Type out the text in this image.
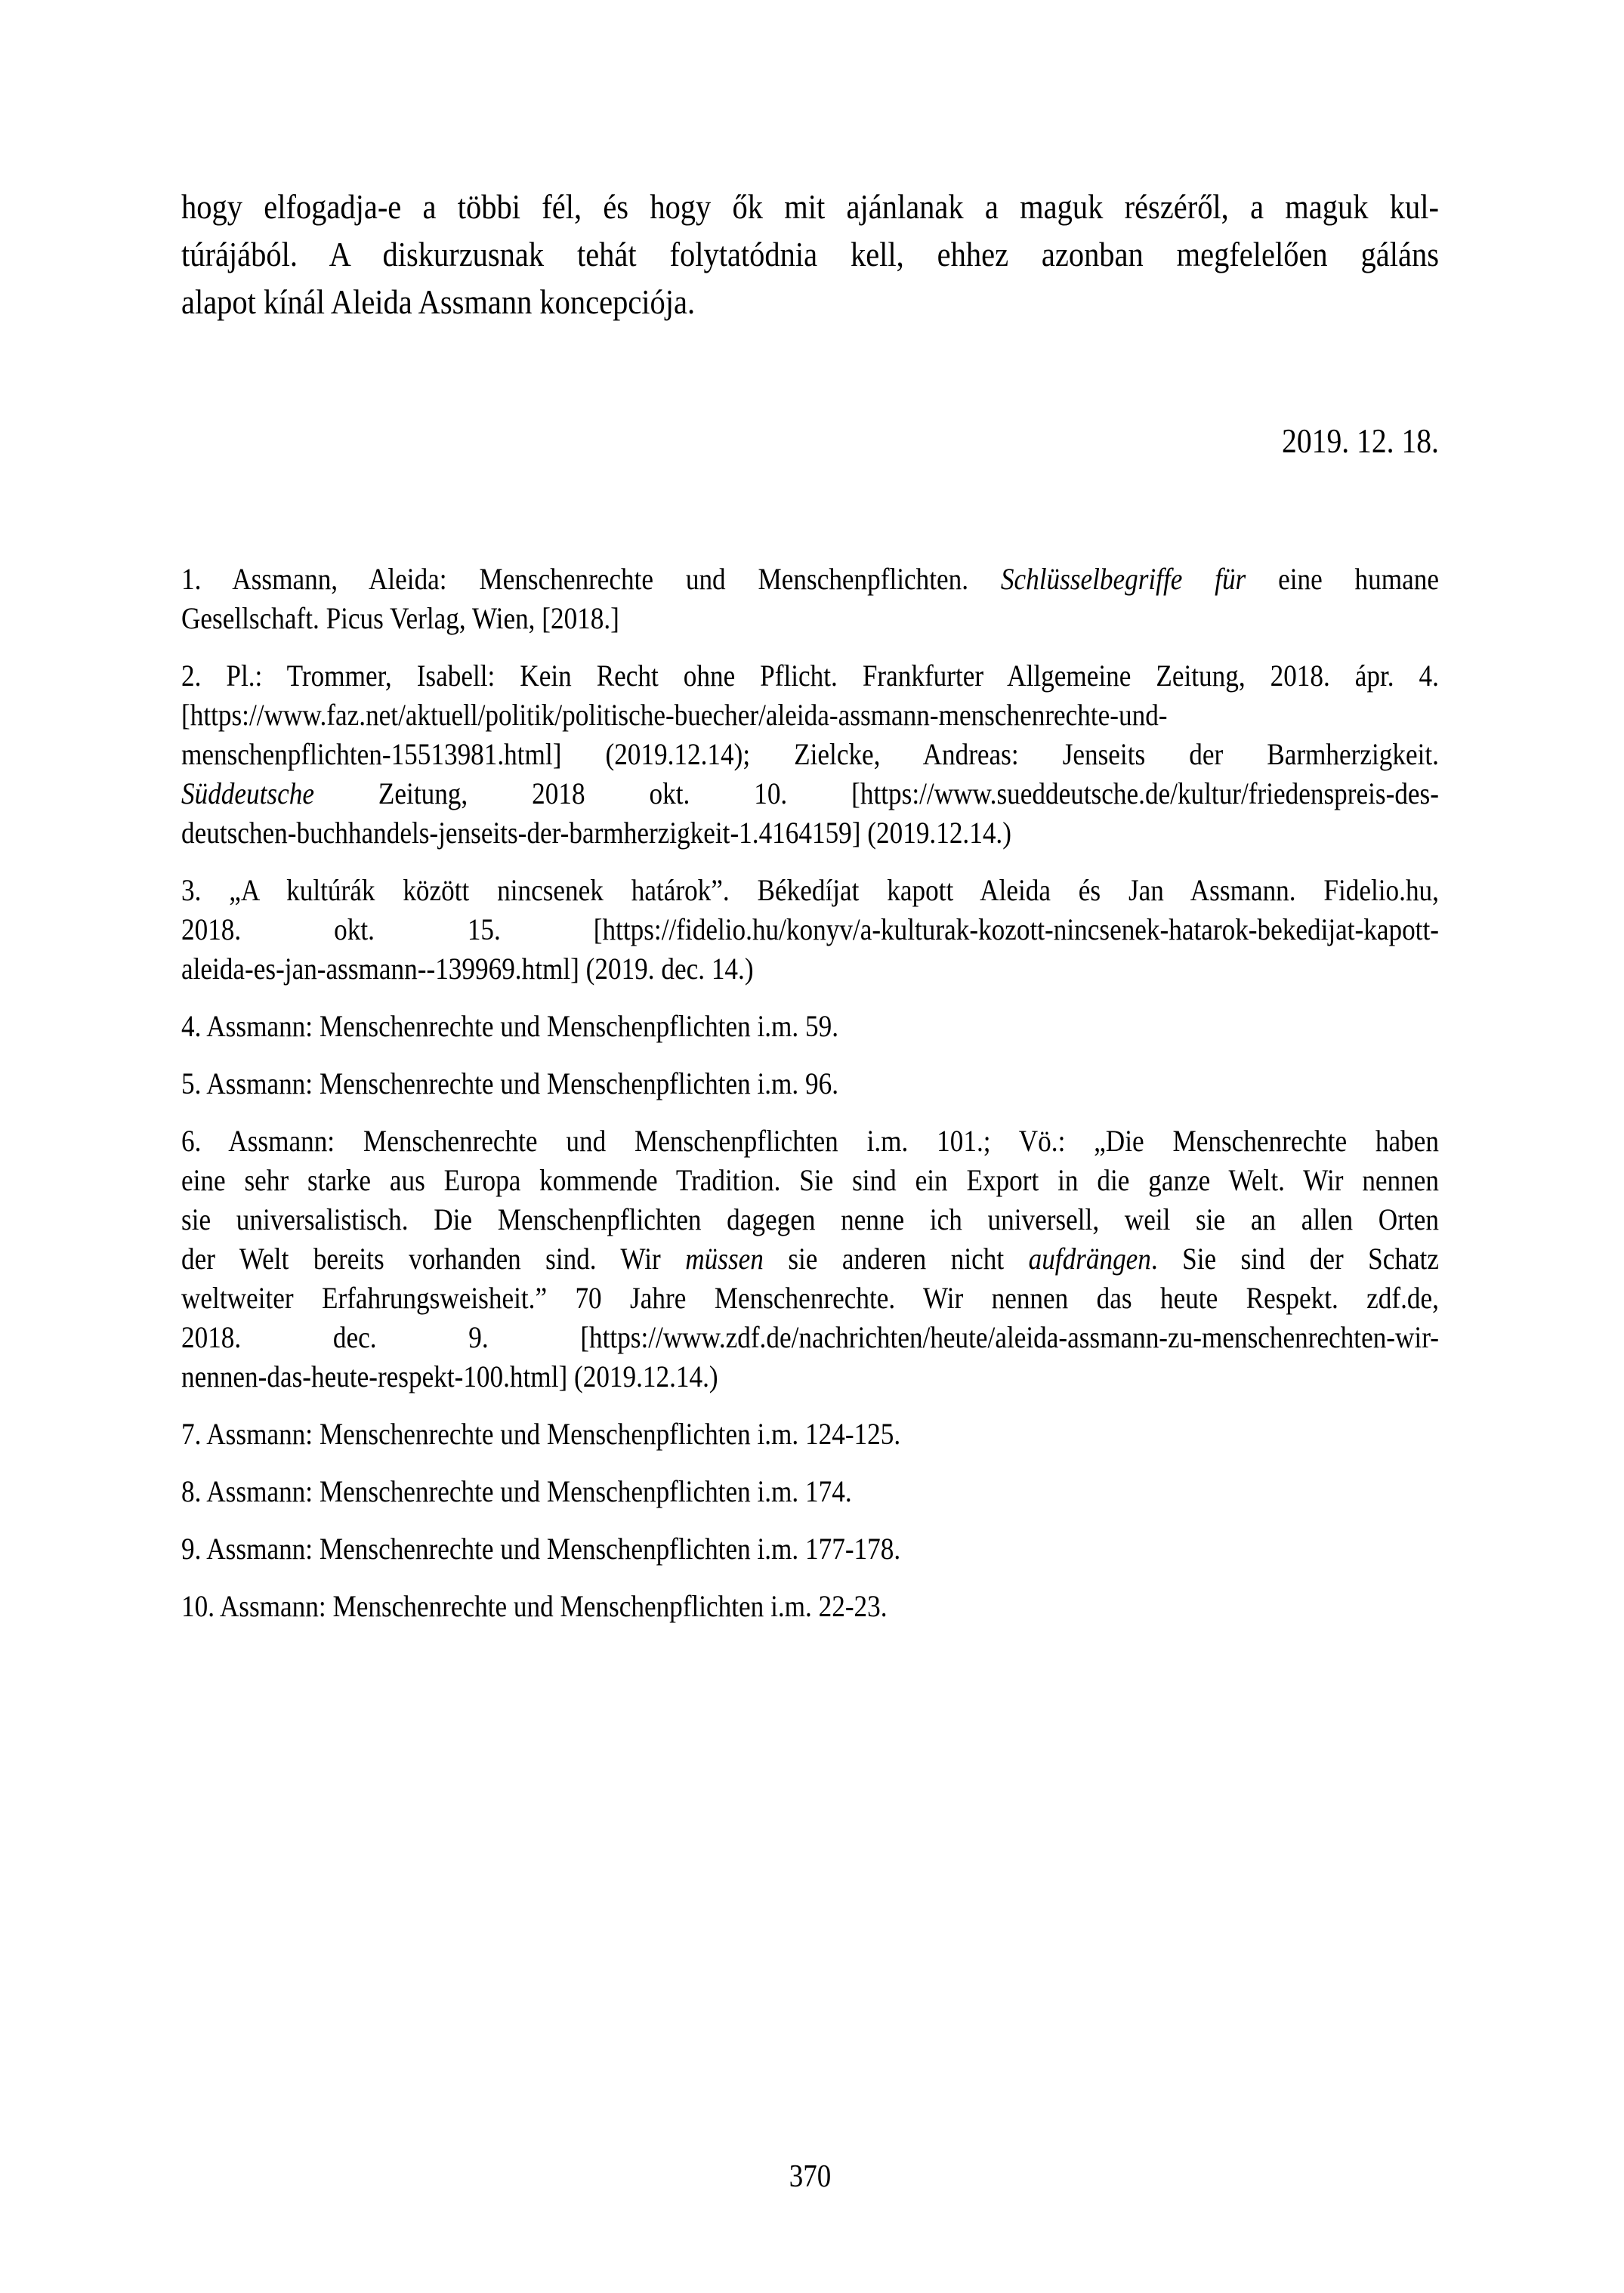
hogy elfogadja-e a többi fél, és hogy ők mit ajánlanak a maguk részéről, a maguk kul-
túrájából. A diskurzusnak tehát folytatódnia kell, ehhez azonban megfelelően gáláns
alapot kínál Aleida Assmann koncepciója.
2019. 12. 18.
1. Assmann, Aleida: Menschenrechte und Menschenpflichten. Schlüsselbegriffe für eine humane
Gesellschaft. Picus Verlag, Wien, [2018.]
2. Pl.: Trommer, Isabell: Kein Recht ohne Pflicht. Frankfurter Allgemeine Zeitung, 2018. ápr. 4.
[https://www.faz.net/aktuell/politik/politische-buecher/aleida-assmann-menschenrechte-und-
menschenpflichten-15513981.html] (2019.12.14); Zielcke, Andreas: Jenseits der Barmherzigkeit.
Süddeutsche Zeitung, 2018 okt. 10. [https://www.sueddeutsche.de/kultur/friedenspreis-des-
deutschen-buchhandels-jenseits-der-barmherzigkeit-1.4164159] (2019.12.14.)
3. „A kultúrák között nincsenek határok”. Békedíjat kapott Aleida és Jan Assmann. Fidelio.hu,
2018. okt. 15. [https://fidelio.hu/konyv/a-kulturak-kozott-nincsenek-hatarok-bekedijat-kapott-
aleida-es-jan-assmann--139969.html] (2019. dec. 14.)
4. Assmann: Menschenrechte und Menschenpflichten i.m. 59.
5. Assmann: Menschenrechte und Menschenpflichten i.m. 96.
6. Assmann: Menschenrechte und Menschenpflichten i.m. 101.; Vö.: „Die Menschenrechte haben
eine sehr starke aus Europa kommende Tradition. Sie sind ein Export in die ganze Welt. Wir nennen
sie universalistisch. Die Menschenpflichten dagegen nenne ich universell, weil sie an allen Orten
der Welt bereits vorhanden sind. Wir müssen sie anderen nicht aufdrängen. Sie sind der Schatz
weltweiter Erfahrungsweisheit.” 70 Jahre Menschenrechte. Wir nennen das heute Respekt. zdf.de,
2018. dec. 9. [https://www.zdf.de/nachrichten/heute/aleida-assmann-zu-menschenrechten-wir-
nennen-das-heute-respekt-100.html] (2019.12.14.)
7. Assmann: Menschenrechte und Menschenpflichten i.m. 124-125.
8. Assmann: Menschenrechte und Menschenpflichten i.m. 174.
9. Assmann: Menschenrechte und Menschenpflichten i.m. 177-178.
10. Assmann: Menschenrechte und Menschenpflichten i.m. 22-23.
370
